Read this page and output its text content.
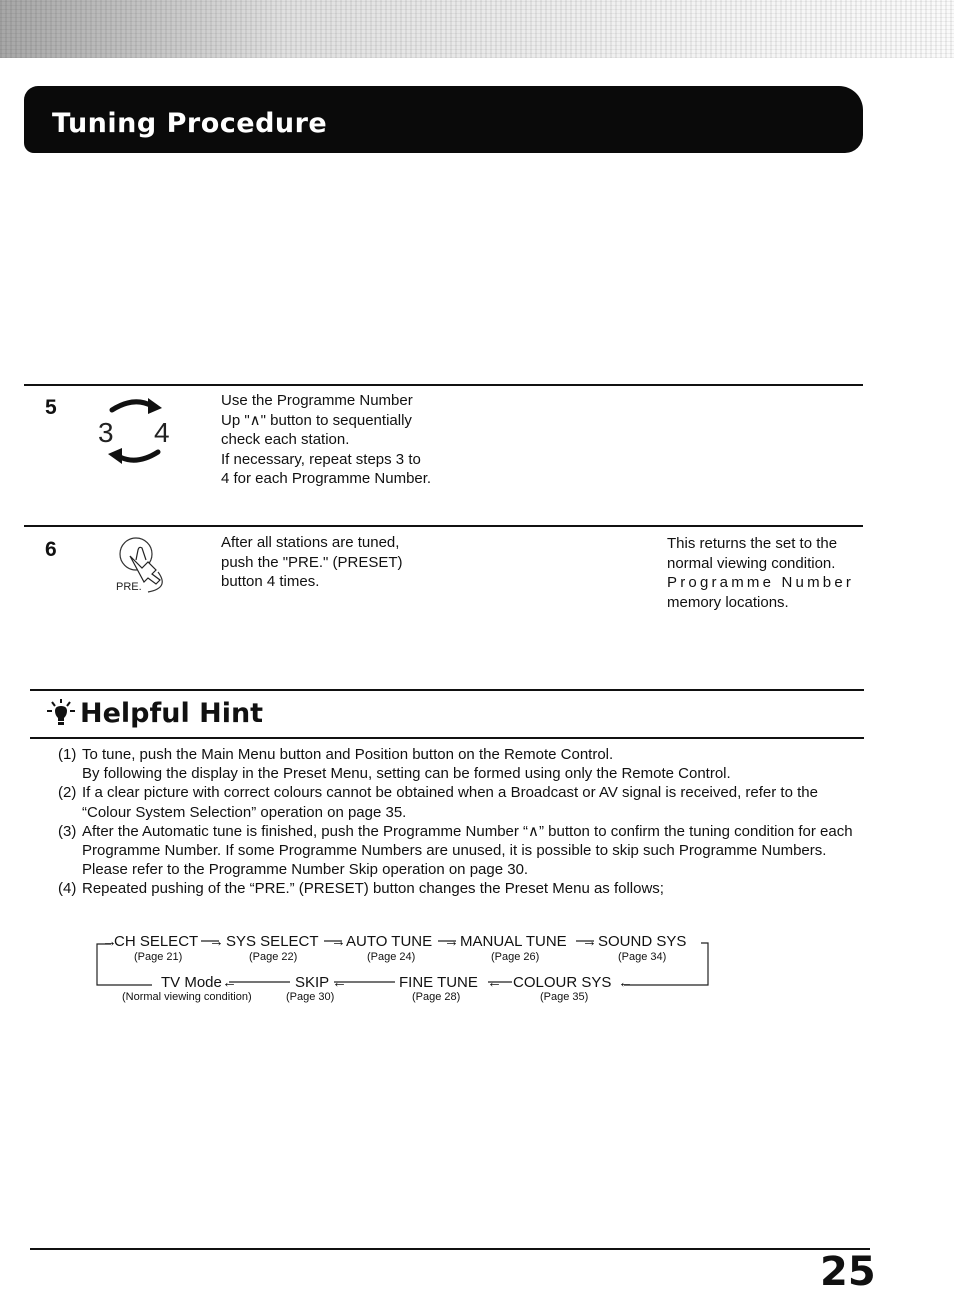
Tuning Procedure
5
3 4
Use the Programme Number
Up "∧" button to sequentially
check each station.
If necessary, repeat steps 3 to
4 for each Programme Number.
6
PRE.
After all stations are tuned,
push the "PRE." (PRESET)
button 4 times.
This returns the set to the
normal viewing condition.
Programme Number
memory locations.
Helpful Hint
(1) To tune, push the Main Menu button and Position button on the Remote Control.
By following the display in the Preset Menu, setting can be formed using only the Remote Control.
(2) If a clear picture with correct colours cannot be obtained when a Broadcast or AV signal is received, refer to the “Colour System Selection” operation on page 35.
(3) After the Automatic tune is finished, push the Programme Number “∧” button to confirm the tuning condition for each Programme Number. If some Programme Numbers are unused, it is possible to skip such Programme Numbers. Please refer to the Programme Number Skip operation on page 30.
(4) Repeated pushing of the “PRE.” (PRESET) button changes the Preset Menu as follows;
→
CH SELECT → SYS SELECT → AUTO TUNE → MANUAL TUNE → SOUND SYS
(Page 21)	(Page 22)	(Page 24)	(Page 26)	(Page 34)
TV Mode ←	SKIP ←	FINE TUNE ← COLOUR SYS ←
(Normal viewing condition)	(Page 30)	(Page 28)	(Page 35)
25
